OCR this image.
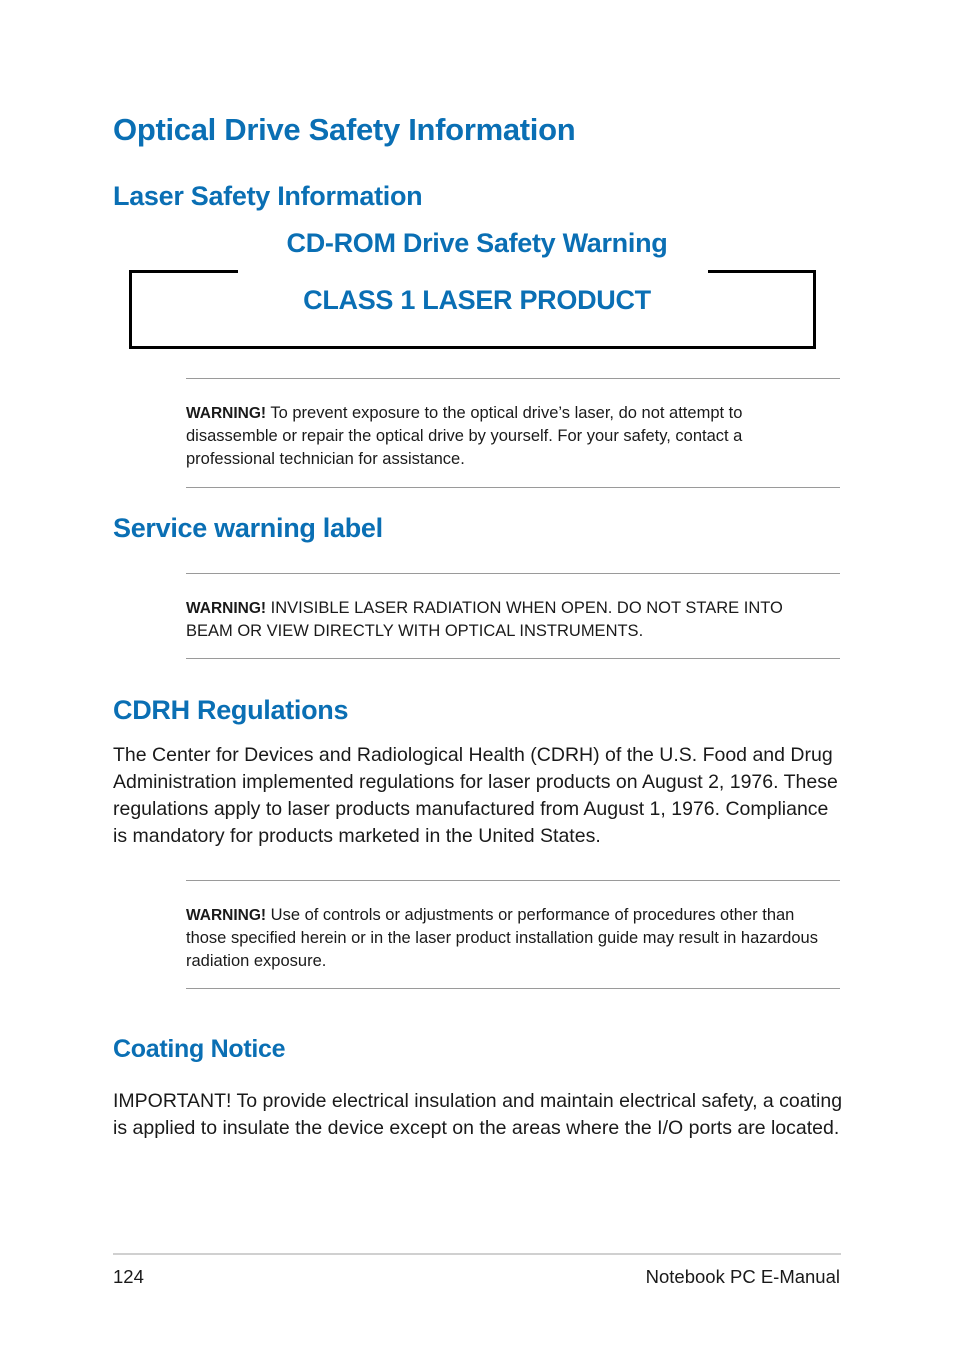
Optical Drive Safety Information
Laser Safety Information
CD-ROM Drive Safety Warning
CLASS 1 LASER PRODUCT
WARNING! To prevent exposure to the optical drive’s laser, do not attempt to disassemble or repair the optical drive by yourself. For your safety, contact a professional technician for assistance.
Service warning label
WARNING! INVISIBLE LASER RADIATION WHEN OPEN. DO NOT STARE INTO BEAM OR VIEW DIRECTLY WITH OPTICAL INSTRUMENTS.
CDRH Regulations
The Center for Devices and Radiological Health (CDRH) of the U.S. Food and Drug Administration implemented regulations for laser products on August 2, 1976. These regulations apply to laser products manufactured from August 1, 1976. Compliance is mandatory for products marketed in the United States.
WARNING! Use of controls or adjustments or performance of procedures other than those specified herein or in the laser product installation guide may result in hazardous radiation exposure.
Coating Notice
IMPORTANT! To provide electrical insulation and maintain electrical safety, a coating is applied to insulate the device except on the areas where the I/O ports are located.
124	Notebook PC E-Manual
